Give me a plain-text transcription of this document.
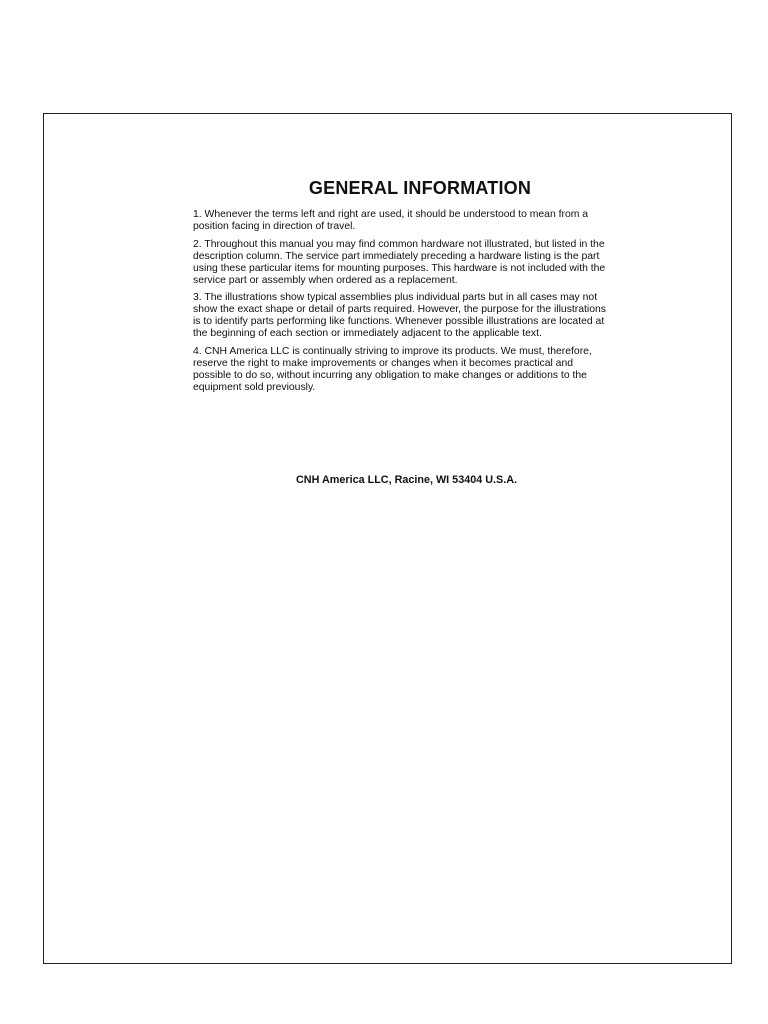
GENERAL INFORMATION

1. Whenever the terms left and right are used, it should be understood to mean from a position facing in direction of travel.

2. Throughout this manual you may find common hardware not illustrated, but listed in the description column. The service part immediately preceding a hardware listing is the part using these particular items for mounting purposes. This hardware is not included with the service part or assembly when ordered as a replacement.

3. The illustrations show typical assemblies plus individual parts but in all cases may not show the exact shape or detail of parts required. However, the purpose for the illustrations is to identify parts performing like functions. Whenever possible illustrations are located at the beginning of each section or immediately adjacent to the applicable text.

4. CNH America LLC is continually striving to improve its products. We must, therefore, reserve the right to make improvements or changes when it becomes practical and possible to do so, without incurring any obligation to make changes or additions to the equipment sold previously.

CNH America LLC, Racine, WI 53404 U.S.A.
